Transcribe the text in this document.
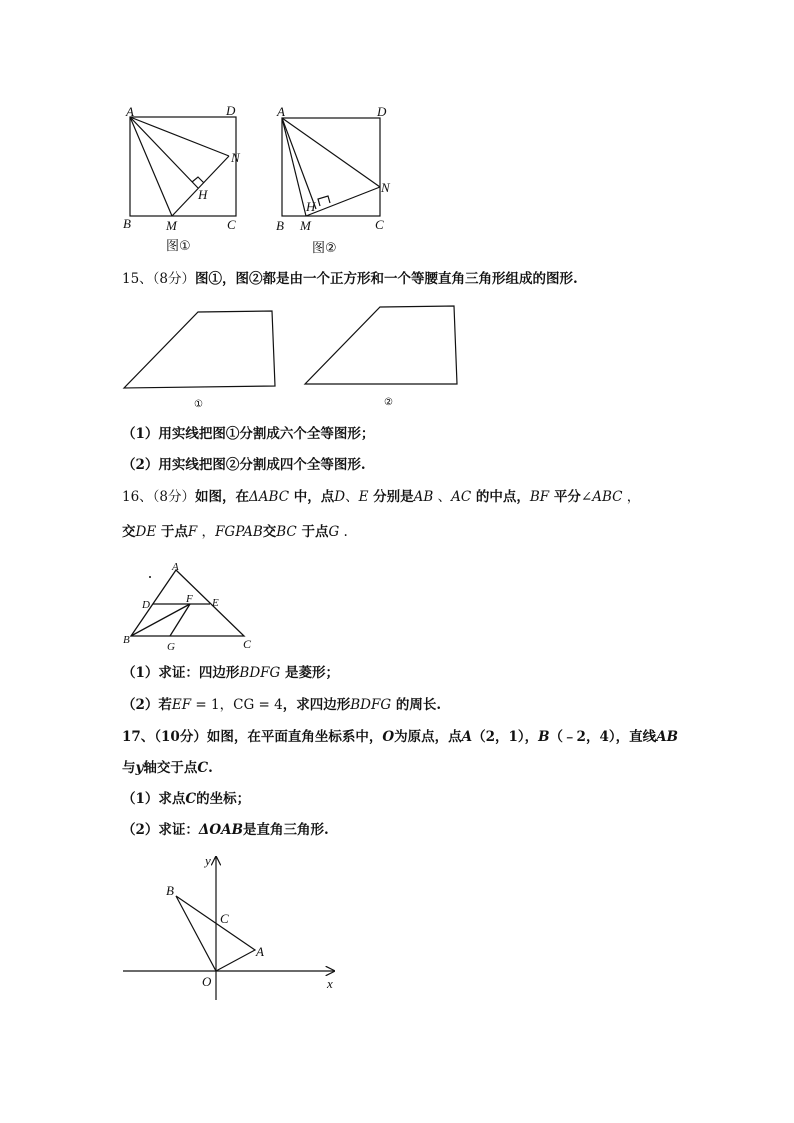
A	D
N
H
B	M	C
图①
A	D
N
H
B M	C
图②
15、（8分）图①，图②都是由一个正方形和一个等腰直角三角形组成的图形.
①	②
（1）用实线把图①分割成六个全等图形；
（2）用实线把图②分割成四个全等图形.
16、（8分）如图，在ΔABC 中，点D、E 分别是AB 、AC 的中点，BF 平分∠ABC ，
交DE 于点F ，FGPAB交BC 于点G .
A
D	F E
B
G	C
（1）求证：四边形BDFG 是菱形；
（2）若EF = 1，CG = 4，求四边形BDFG 的周长.
17、（10分）如图，在平面直角坐标系中，O为原点，点A（2，1），B（﹣2，4），直线AB
与y轴交于点C.
（1）求点C的坐标；
（2）求证：ΔOAB是直角三角形.
y
B
C
A
O	x
